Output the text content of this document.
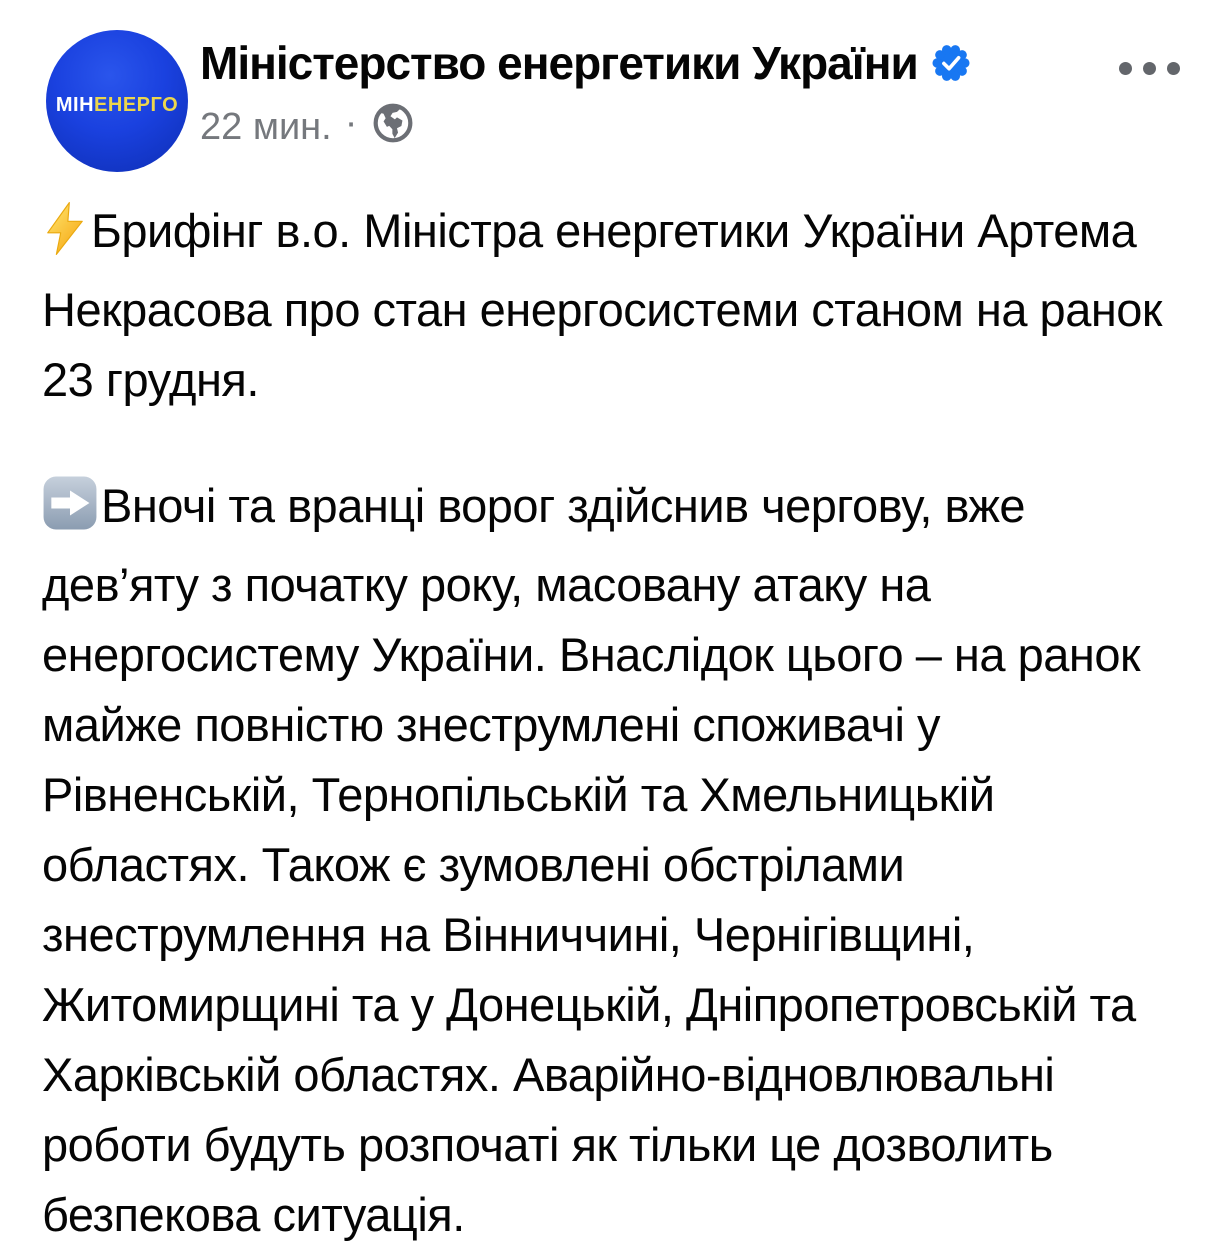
МІНЕНЕРГО
Міністерство енергетики України
22 мин. ·

Брифінг в.о. Міністра енергетики України Артема Некрасова про стан енергосистеми станом на ранок 23 грудня.

Вночі та вранці ворог здійснив чергову, вже дев’яту з початку року, масовану атаку на енергосистему України. Внаслідок цього – на ранок майже повністю знеструмлені споживачі у Рівненській, Тернопільській та Хмельницькій областях. Також є зумовлені обстрілами знеструмлення на Вінниччині, Чернігівщині, Житомирщині та у Донецькій, Дніпропетровській та Харківській областях. Аварійно-відновлювальні роботи будуть розпочаті як тільки це дозволить безпекова ситуація.
